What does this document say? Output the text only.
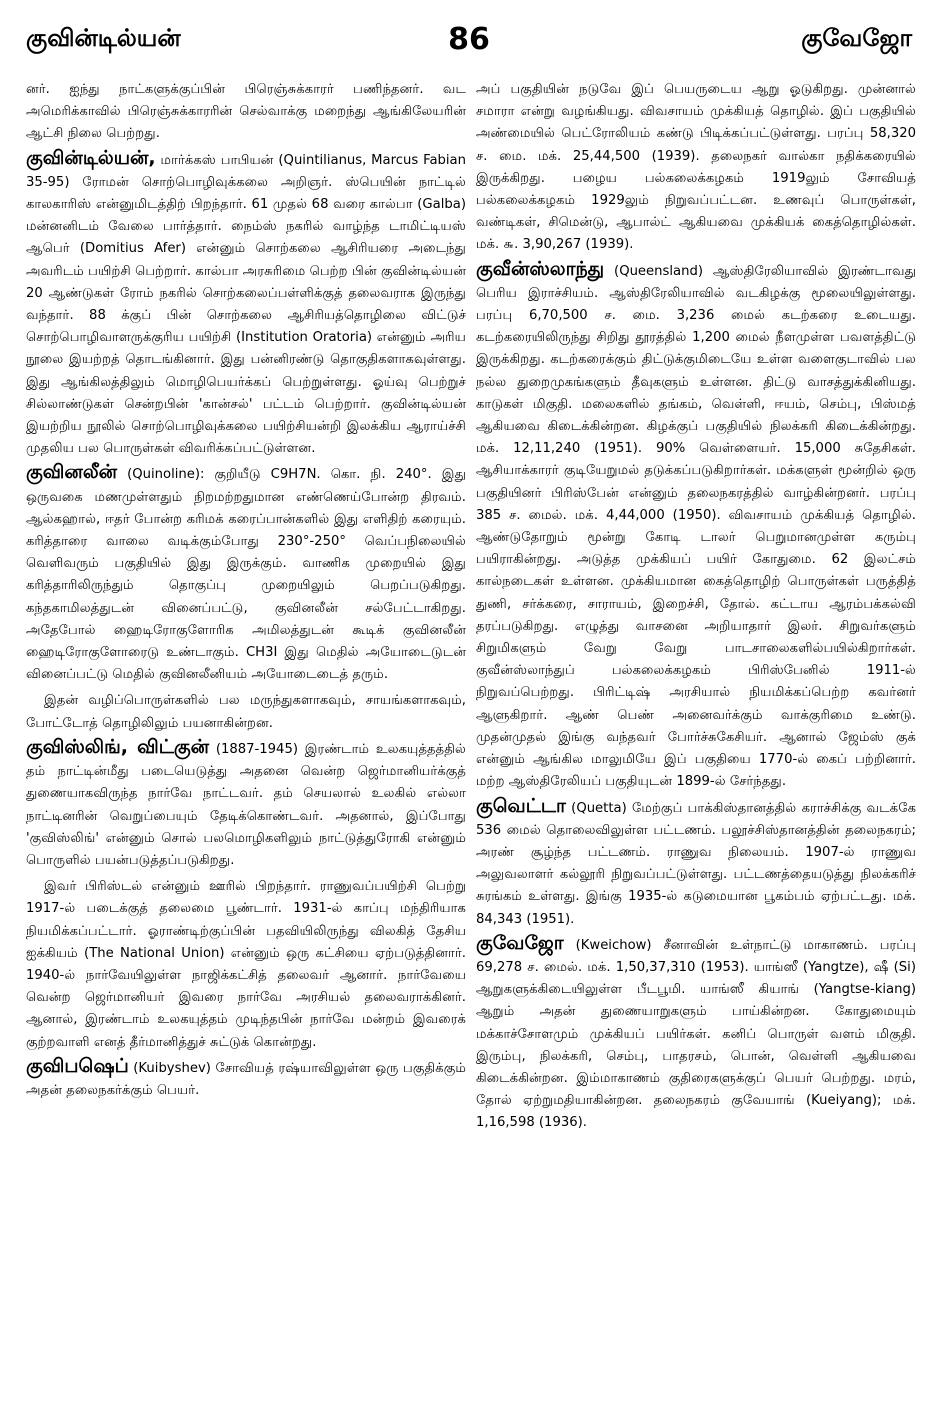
குவின்டில்யன்	86	குவேஜோ

னர். ஐந்து நாட்களுக்குப்பின் பிரெஞ்சுக்காரர் பணிந்தனர். வட அமெரிக்காவில் பிரெஞ்சுக்காரரின் செல்வாக்கு மறைந்து ஆங்கிலேயரின் ஆட்சி நிலை பெற்றது.

குவின்டில்யன், மார்க்கஸ் பாபியன் (Quintilianus, Marcus Fabian 35-95) ரோமன் சொற்பொழிவுக்கலை அறிஞர். ஸ்பெயின் நாட்டில் காலகாரிஸ் என்னுமிடத்திற் பிறந்தார். 61 முதல் 68 வரை கால்பா (Galba) மன்னனிடம் வேலை பார்த்தார். நைம்ஸ் நகரில் வாழ்ந்த டாமிட்டியஸ் ஆபெர் (Domitius Afer) என்னும் சொற்கலை ஆசிரியரை அடைந்து அவரிடம் பயிற்சி பெற்றார். கால்பா அரசுரிமை பெற்ற பின் குவின்டில்யன் 20 ஆண்டுகள் ரோம் நகரில் சொற்கலைப்பள்ளிக்குத் தலைவராக இருந்து வந்தார். 88 க்குப் பின் சொற்கலை ஆசிரியத்தொழிலை விட்டுச் சொற்பொழிவாளருக்குரிய பயிற்சி (Institution Oratoria) என்னும் அரிய நூலை இயற்றத் தொடங்கினார். இது பன்னிரண்டு தொகுதிகளாகவுள்ளது. இது ஆங்கிலத்திலும் மொழிபெயர்க்கப் பெற்றுள்ளது. ஓய்வு பெற்றுச் சில்லாண்டுகள் சென்றபின் 'கான்சல்' பட்டம் பெற்றார். குவின்டில்யன் இயற்றிய நூலில் சொற்பொழிவுக்கலை பயிற்சியன்றி இலக்கிய ஆராய்ச்சி முதலிய பல பொருள்கள் விவரிக்கப்பட்டுள்ளன.

குவினலீன் (Quinoline): குறியீடு C9H7N. கொ. நி. 240°. இது ஒருவகை மணமுள்ளதும் நிறமற்றதுமான எண்ணெய்போன்ற திரவம். ஆல்கஹால், ஈதர் போன்ற கரிமக் கரைப்பான்களில் இது எளிதிற் கரையும். கரித்தாரை வாலை வடிக்கும்போது 230°-250° வெப்பநிலையில் வெளிவரும் பகுதியில் இது இருக்கும். வாணிக முறையில் இது கரித்தாரிலிருந்தும் தொகுப்பு முறையிலும் பெறப்படுகிறது. கந்தகாமிலத்துடன் வினைப்பட்டு, குவினலீன் சல்பேட்டாகிறது. அதேபோல் ஹைடிரோகுளோரிக அமிலத்துடன் கூடிக் குவினலீன் ஹைடிரோகுளோரைடு உண்டாகும். CH3I இது மெதில் அயோடைடுடன் வினைப்பட்டு மெதில் குவினலீனியம் அயோடைடைத் தரும்.

இதன் வழிப்பொருள்களில் பல மருந்துகளாகவும், சாயங்களாகவும், போட்டோத் தொழிலிலும் பயனாகின்றன.

குவிஸ்லிங், விட்குன் (1887-1945) இரண்டாம் உலகயுத்தத்தில் தம் நாட்டின்மீது படையெடுத்து அதனை வென்ற ஜெர்மானியர்க்குத் துணையாகவிருந்த நார்வே நாட்டவர். தம் செயலால் உலகில் எல்லா நாட்டினரின் வெறுப்பையும் தேடிக்கொண்டவர். அதனால், இப்போது 'குவிஸ்லிங்' என்னும் சொல் பலமொழிகளிலும் நாட்டுத்துரோகி என்னும் பொருளில் பயன்படுத்தப்படுகிறது.

இவர் பிரிஸ்டல் என்னும் ஊரில் பிறந்தார். ராணுவப்பயிற்சி பெற்று 1917-ல் படைக்குத் தலைமை பூண்டார். 1931-ல் காப்பு மந்திரியாக நியமிக்கப்பட்டார். ஓராண்டிற்குப்பின் பதவியிலிருந்து விலகித் தேசிய ஐக்கியம் (The National Union) என்னும் ஒரு கட்சியை ஏற்படுத்தினார். 1940-ல் நார்வேயிலுள்ள நாஜிக்கட்சித் தலைவர் ஆனார். நார்வேயை வென்ற ஜெர்மானியர் இவரை நார்வே அரசியல் தலைவராக்கினர். ஆனால், இரண்டாம் உலகயுத்தம் முடிந்தபின் நார்வே மன்றம் இவரைக் குற்றவாளி எனத் தீர்மானித்துச் சுட்டுக் கொன்றது.

குவிபஷெப் (Kuibyshev) சோவியத் ரஷ்யாவிலுள்ள ஒரு பகுதிக்கும் அதன் தலைநகர்க்கும் பெயர்.

அப் பகுதியின் நடுவே இப் பெயருடைய ஆறு ஓடுகிறது. முன்னால் சமாரா என்று வழங்கியது. விவசாயம் முக்கியத் தொழில். இப் பகுதியில் அண்மையில் பெட்ரோலியம் கண்டு பிடிக்கப்பட்டுள்ளது. பரப்பு 58,320 ச. மை. மக். 25,44,500 (1939). தலைநகர் வால்கா நதிக்கரையில் இருக்கிறது. பழைய பல்கலைக்கழகம் 1919லும் சோவியத் பல்கலைக்கழகம் 1929லும் நிறுவப்பட்டன. உணவுப் பொருள்கள், வண்டிகள், சிமென்டு, ஆபால்ட் ஆகியவை முக்கியக் கைத்தொழில்கள். மக். ௬. 3,90,267 (1939).

குவீன்ஸ்லாந்து (Queensland) ஆஸ்திரேலியாவில் இரண்டாவது பெரிய இராச்சியம். ஆஸ்திரேலியாவில் வடகிழக்கு மூலையிலுள்ளது. பரப்பு 6,70,500 ச. மை. 3,236 மைல் கடற்கரை உடையது. கடற்கரையிலிருந்து சிறிது தூரத்தில் 1,200 மைல் நீளமுள்ள பவளத்திட்டு இருக்கிறது. கடற்கரைக்கும் திட்டுக்குமிடையே உள்ள வளைகுடாவில் பல நல்ல துறைமுகங்களும் தீவுகளும் உள்ளன. திட்டு வாசத்துக்கினியது. காடுகள் மிகுதி. மலைகளில் தங்கம், வெள்ளி, ஈயம், செம்பு, பிஸ்மத் ஆகியவை கிடைக்கின்றன. கிழக்குப் பகுதியில் நிலக்கரி கிடைக்கின்றது. மக். 12,11,240 (1951). 90% வெள்ளையர். 15,000 சுதேசிகள். ஆசியாக்காரர் குடியேறுமல் தடுக்கப்படுகிறார்கள். மக்களுள் மூன்றில் ஒரு பகுதியினர் பிரிஸ்பேன் என்னும் தலைநகரத்தில் வாழ்கின்றனர். பரப்பு 385 ச. மைல். மக். 4,44,000 (1950). விவசாயம் முக்கியத் தொழில். ஆண்டுதோறும் மூன்று கோடி டாலர் பெறுமானமுள்ள கரும்பு பயிராகின்றது. அடுத்த முக்கியப் பயிர் கோதுமை. 62 இலட்சம் கால்நடைகள் உள்ளன. முக்கியமான கைத்தொழிற் பொருள்கள் பருத்தித் துணி, சர்க்கரை, சாராயம், இறைச்சி, தோல். கட்டாய ஆரம்பக்கல்வி தரப்படுகிறது. எழுத்து வாசனை அறியாதார் இலர். சிறுவர்களும் சிறுமிகளும் வேறு வேறு பாடசாலைகளில்பயில்கிறார்கள். குவீன்ஸ்லாந்துப் பல்கலைக்கழகம் பிரிஸ்பேனில் 1911-ல் நிறுவப்பெற்றது. பிரிட்டிஷ் அரசியால் நியமிக்கப்பெற்ற கவர்னர் ஆளுகிறார். ஆண் பெண் அனைவர்க்கும் வாக்குரிமை உண்டு. முதன்முதல் இங்கு வந்தவர் போர்ச்சுகேசியர். ஆனால் ஜேம்ஸ் குக் என்னும் ஆங்கில மாலுமியே இப் பகுதியை 1770-ல் கைப் பற்றினார். மற்ற ஆஸ்திரேலியப் பகுதியுடன் 1899-ல் சேர்ந்தது.

குவெட்டா (Quetta) மேற்குப் பாக்கிஸ்தானத்தில் கராச்சிக்கு வடக்கே 536 மைல் தொலைவிலுள்ள பட்டணம். பலூச்சிஸ்தானத்தின் தலைநகரம்; அரண் சூழ்ந்த பட்டணம். ராணுவ நிலையம். 1907-ல் ராணுவ அலுவலாளர் கல்லூரி நிறுவப்பட்டுள்ளது. பட்டணத்தையடுத்து நிலக்கரிச் சுரங்கம் உள்ளது. இங்கு 1935-ல் கடுமையான பூகம்பம் ஏற்பட்டது. மக். 84,343 (1951).

குவேஜோ (Kweichow) சீனாவின் உள்நாட்டு மாகாணம். பரப்பு 69,278 ச. மைல். மக். 1,50,37,310 (1953). யாங்ஸீ (Yangtze), ஷீ (Si) ஆறுகளுக்கிடையிலுள்ள பீடபூமி. யாங்ஸீ கியாங் (Yangtse-kiang) ஆறும் அதன் துணையாறுகளும் பாய்கின்றன. கோதுமையும் மக்காச்சோளமும் முக்கியப் பயிர்கள். கனிப் பொருள் வளம் மிகுதி. இரும்பு, நிலக்கரி, செம்பு, பாதரசம், பொன், வெள்ளி ஆகியவை கிடைக்கின்றன. இம்மாகாணம் குதிரைகளுக்குப் பெயர் பெற்றது. மரம், தோல் ஏற்றுமதியாகின்றன. தலைநகரம் குவேயாங் (Kueiyang); மக். 1,16,598 (1936).
